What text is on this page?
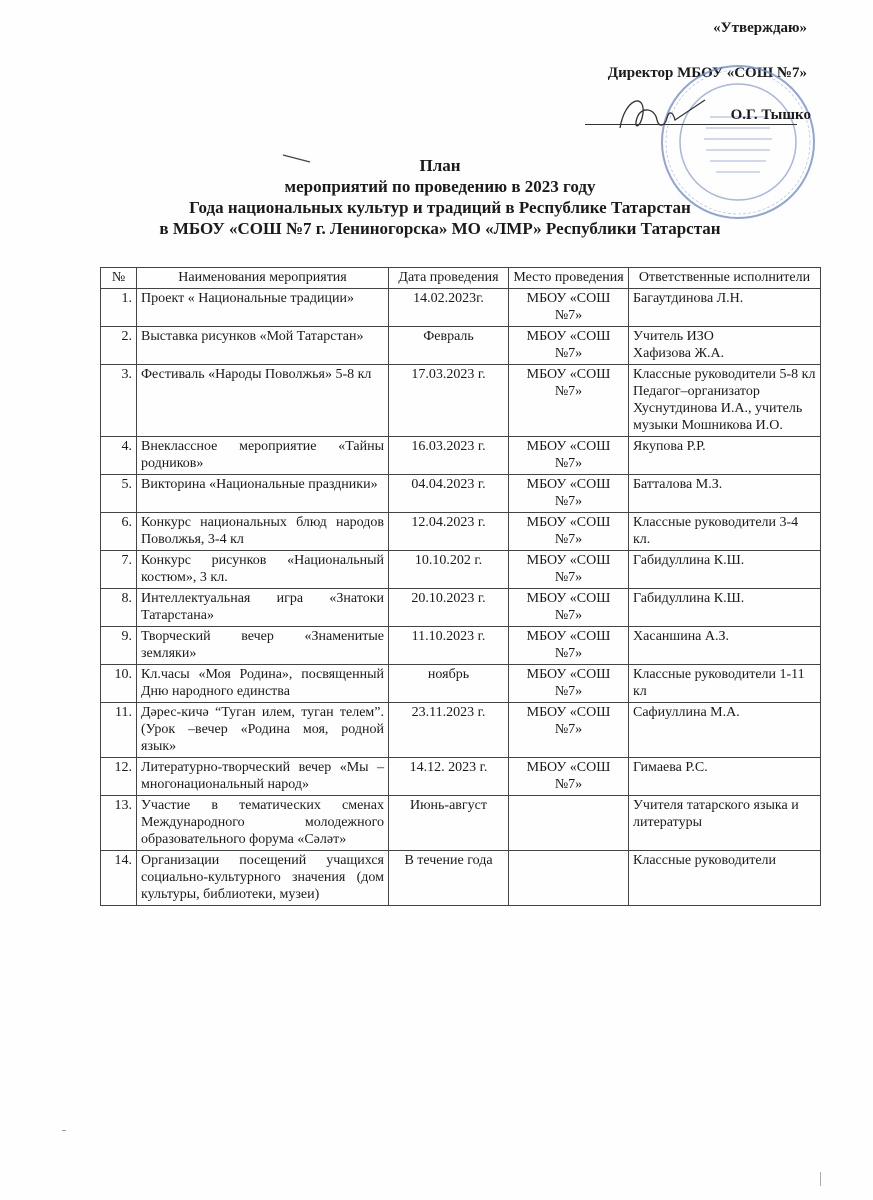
«Утверждаю»
Директор МБОУ «СОШ №7»
О.Г. Тышко
План
мероприятий по проведению в 2023 году
Года национальных культур и традиций в Республике Татарстан
в МБОУ «СОШ №7 г. Лениногорска» МО «ЛМР» Республики Татарстан
№	Наименования мероприятия	Дата проведения	Место проведения	Ответственные исполнители
1.	Проект « Национальные традиции»	14.02.2023г.	МБОУ «СОШ №7»	Багаутдинова Л.Н.
2.	Выставка рисунков «Мой Татарстан»	Февраль	МБОУ «СОШ №7»	Учитель ИЗО
Хафизова Ж.А.
3.	Фестиваль «Народы Поволжья» 5-8 кл	17.03.2023 г.	МБОУ «СОШ №7»	Классные руководители 5-8 кл
Педагог–организатор Хуснутдинова И.А., учитель музыки Мошникова И.О.
4.	Внеклассное мероприятие «Тайны родников»	16.03.2023 г.	МБОУ «СОШ №7»	Якупова Р.Р.
5.	Викторина «Национальные праздники»	04.04.2023 г.	МБОУ «СОШ №7»	Батталова М.З.
6.	Конкурс национальных блюд народов Поволжья, 3-4 кл	12.04.2023 г.	МБОУ «СОШ №7»	Классные руководители 3-4 кл.
7.	Конкурс рисунков «Национальный костюм», 3 кл.	10.10.202 г.	МБОУ «СОШ №7»	Габидуллина К.Ш.
8.	Интеллектуальная игра «Знатоки Татарстана»	20.10.2023 г.	МБОУ «СОШ №7»	Габидуллина К.Ш.
9.	Творческий вечер «Знаменитые земляки»	11.10.2023 г.	МБОУ «СОШ №7»	Хасаншина А.З.
10.	Кл.часы «Моя Родина», посвященный Дню народного единства	ноябрь	МБОУ «СОШ №7»	Классные руководители 1-11 кл
11.	Дәрес-кичә “Туган илем, туган телем”.(Урок –вечер «Родина моя, родной язык»	23.11.2023 г.	МБОУ «СОШ №7»	Сафиуллина М.А.
12.	Литературно-творческий вечер «Мы – многонациональный народ»	14.12. 2023 г.	МБОУ «СОШ №7»	Гимаева Р.С.
13.	Участие в тематических сменах Международного молодежного образовательного форума «Сәләт»	Июнь-август		Учителя татарского языка и литературы
14.	Организации посещений учащихся социально-культурного значения (дом культуры, библиотеки, музеи)	В течение года		Классные руководители
